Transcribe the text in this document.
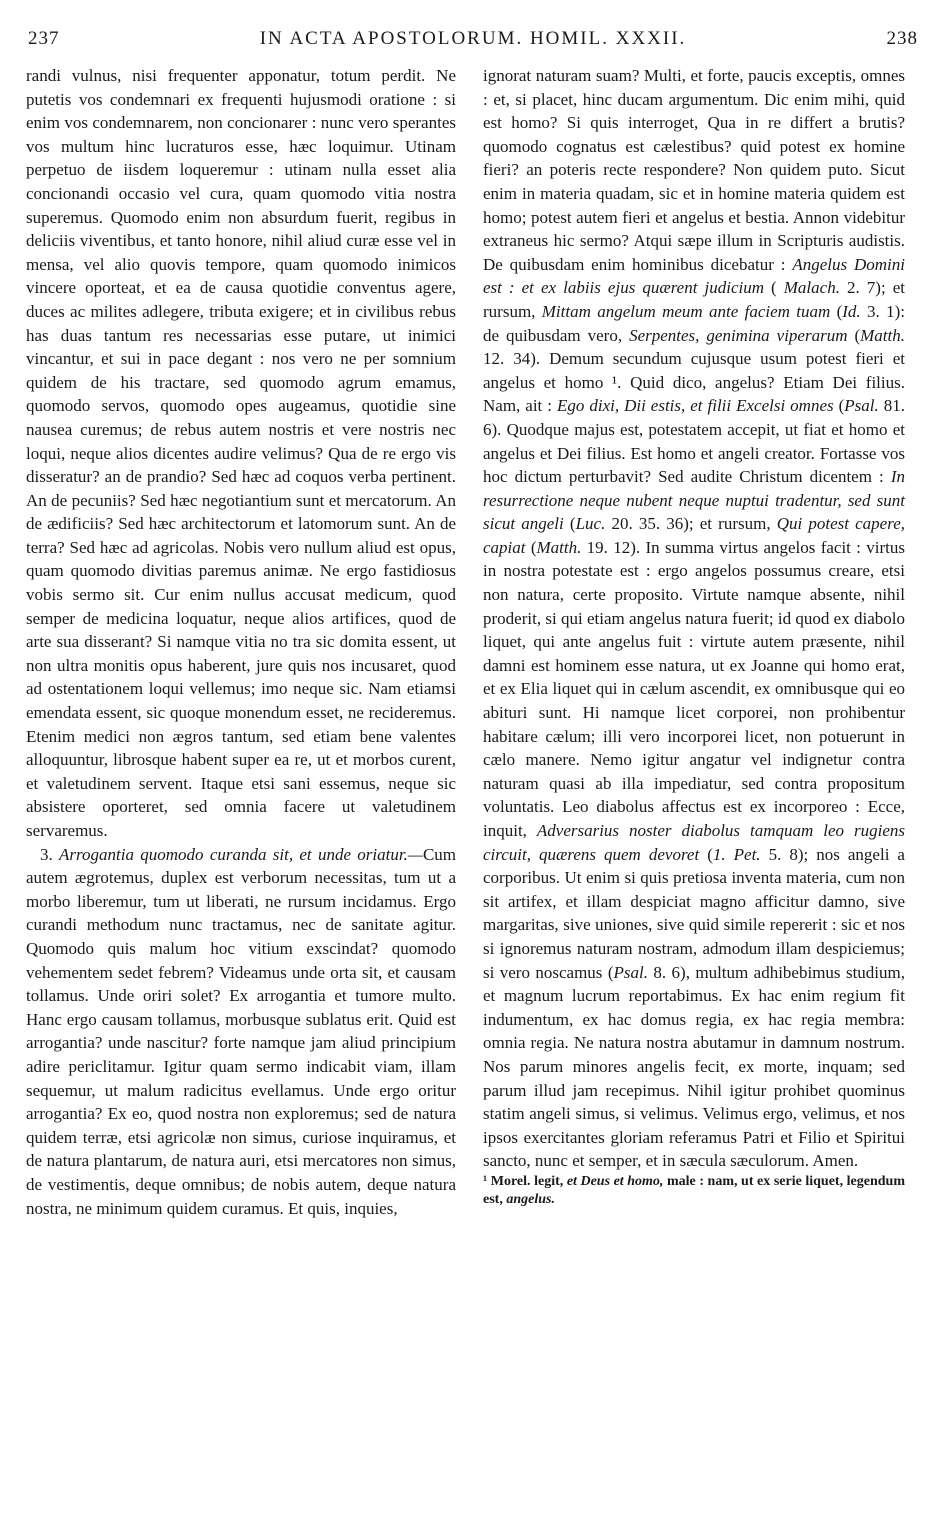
237	IN ACTA APOSTOLORUM. HOMIL. XXXII.	238

randi vulnus, nisi frequenter apponatur, totum perdit. Ne putetis vos condemnari ex frequenti hujusmodi oratione : si enim vos condemnarem, non concionarer : nunc vero sperantes vos multum hinc lucraturos esse, hæc loquimur. Utinam perpetuo de iisdem loqueremur : utinam nulla esset alia concionandi occasio vel cura, quam quomodo vitia nostra superemus. Quomodo enim non absurdum fuerit, regibus in deliciis viventibus, et tanto honore, nihil aliud curæ esse vel in mensa, vel alio quovis tempore, quam quomodo inimicos vincere oporteat, et ea de causa quotidie conventus agere, duces ac milites adlegere, tributa exigere; et in civilibus rebus has duas tantum res necessarias esse putare, ut inimici vincantur, et sui in pace degant : nos vero ne per somnium quidem de his tractare, sed quomodo agrum emamus, quomodo servos, quomodo opes augeamus, quotidie sine nausea curemus; de rebus autem nostris et vere nostris nec loqui, neque alios dicentes audire velimus? Qua de re ergo vis disseratur? an de prandio? Sed hæc ad coquos verba pertinent. An de pecuniis? Sed hæc negotiantium sunt et mercatorum. An de ædificiis? Sed hæc architectorum et latomorum sunt. An de terra? Sed hæc ad agricolas. Nobis vero nullum aliud est opus, quam quomodo divitias paremus animæ. Ne ergo fastidiosus vobis sermo sit. Cur enim nullus accusat medicum, quod semper de medicina loquatur, neque alios artifices, quod de arte sua disserant? Si namque vitia no tra sic domita essent, ut non ultra monitis opus haberent, jure quis nos incusaret, quod ad ostentationem loqui vellemus; imo neque sic. Nam etiamsi emendata essent, sic quoque monendum esset, ne recideremus. Etenim medici non ægros tantum, sed etiam bene valentes alloquuntur, librosque habent super ea re, ut et morbos curent, et valetudinem servent. Itaque etsi sani essemus, neque sic absistere oporteret, sed omnia facere ut valetudinem servaremus.

3. Arrogantia quomodo curanda sit, et unde oriatur.—Cum autem ægrotemus, duplex est verborum necessitas, tum ut a morbo liberemur, tum ut liberati, ne rursum incidamus. Ergo curandi methodum nunc tractamus, nec de sanitate agitur. Quomodo quis malum hoc vitium exscindat? quomodo vehementem sedet febrem? Videamus unde orta sit, et causam tollamus. Unde oriri solet? Ex arrogantia et tumore multo. Hanc ergo causam tollamus, morbusque sublatus erit. Quid est arrogantia? unde nascitur? forte namque jam aliud principium adire periclitamur. Igitur quam sermo indicabit viam, illam sequemur, ut malum radicitus evellamus. Unde ergo oritur arrogantia? Ex eo, quod nostra non exploremus; sed de natura quidem terræ, etsi agricolæ non simus, curiose inquiramus, et de natura plantarum, de natura auri, etsi mercatores non simus, de vestimentis, deque omnibus; de nobis autem, deque natura nostra, ne minimum quidem curamus. Et quis, inquies,

ignorat naturam suam? Multi, et forte, paucis exceptis, omnes : et, si placet, hinc ducam argumentum. Dic enim mihi, quid est homo? Si quis interroget, Qua in re differt a brutis? quomodo cognatus est cælestibus? quid potest ex homine fieri? an poteris recte respondere? Non quidem puto. Sicut enim in materia quadam, sic et in homine materia quidem est homo; potest autem fieri et angelus et bestia. Annon videbitur extraneus hic sermo? Atqui sæpe illum in Scripturis audistis. De quibusdam enim hominibus dicebatur : Angelus Domini est : et ex labiis ejus quærent judicium ( Malach. 2. 7); et rursum, Mittam angelum meum ante faciem tuam (Id. 3. 1): de quibusdam vero, Serpentes, genimina viperarum (Matth. 12. 34). Demum secundum cujusque usum potest fieri et angelus et homo ¹. Quid dico, angelus? Etiam Dei filius. Nam, ait : Ego dixi, Dii estis, et filii Excelsi omnes (Psal. 81. 6). Quodque majus est, potestatem accepit, ut fiat et homo et angelus et Dei filius. Est homo et angeli creator. Fortasse vos hoc dictum perturbavit? Sed audite Christum dicentem : In resurrectione neque nubent neque nuptui tradentur, sed sunt sicut angeli (Luc. 20. 35. 36); et rursum, Qui potest capere, capiat (Matth. 19. 12). In summa virtus angelos facit : virtus in nostra potestate est : ergo angelos possumus creare, etsi non natura, certe proposito. Virtute namque absente, nihil proderit, si qui etiam angelus natura fuerit; id quod ex diabolo liquet, qui ante angelus fuit : virtute autem præsente, nihil damni est hominem esse natura, ut ex Joanne qui homo erat, et ex Elia liquet qui in cælum ascendit, ex omnibusque qui eo abituri sunt. Hi namque licet corporei, non prohibentur habitare cælum; illi vero incorporei licet, non potuerunt in cælo manere. Nemo igitur angatur vel indignetur contra naturam quasi ab illa impediatur, sed contra propositum voluntatis. Leo diabolus affectus est ex incorporeo : Ecce, inquit, Adversarius noster diabolus tamquam leo rugiens circuit, quærens quem devoret (1. Pet. 5. 8); nos angeli a corporibus. Ut enim si quis pretiosa inventa materia, cum non sit artifex, et illam despiciat magno afficitur damno, sive margaritas, sive uniones, sive quid simile repererit : sic et nos si ignoremus naturam nostram, admodum illam despiciemus; si vero noscamus (Psal. 8. 6), multum adhibebimus studium, et magnum lucrum reportabimus. Ex hac enim regium fit indumentum, ex hac domus regia, ex hac regia membra: omnia regia. Ne natura nostra abutamur in damnum nostrum. Nos parum minores angelis fecit, ex morte, inquam; sed parum illud jam recepimus. Nihil igitur prohibet quominus statim angeli simus, si velimus. Velimus ergo, velimus, et nos ipsos exercitantes gloriam referamus Patri et Filio et Spiritui sancto, nunc et semper, et in sæcula sæculorum. Amen.

¹ Morel. legit, et Deus et homo, male : nam, ut ex serie liquet, legendum est, angelus.
